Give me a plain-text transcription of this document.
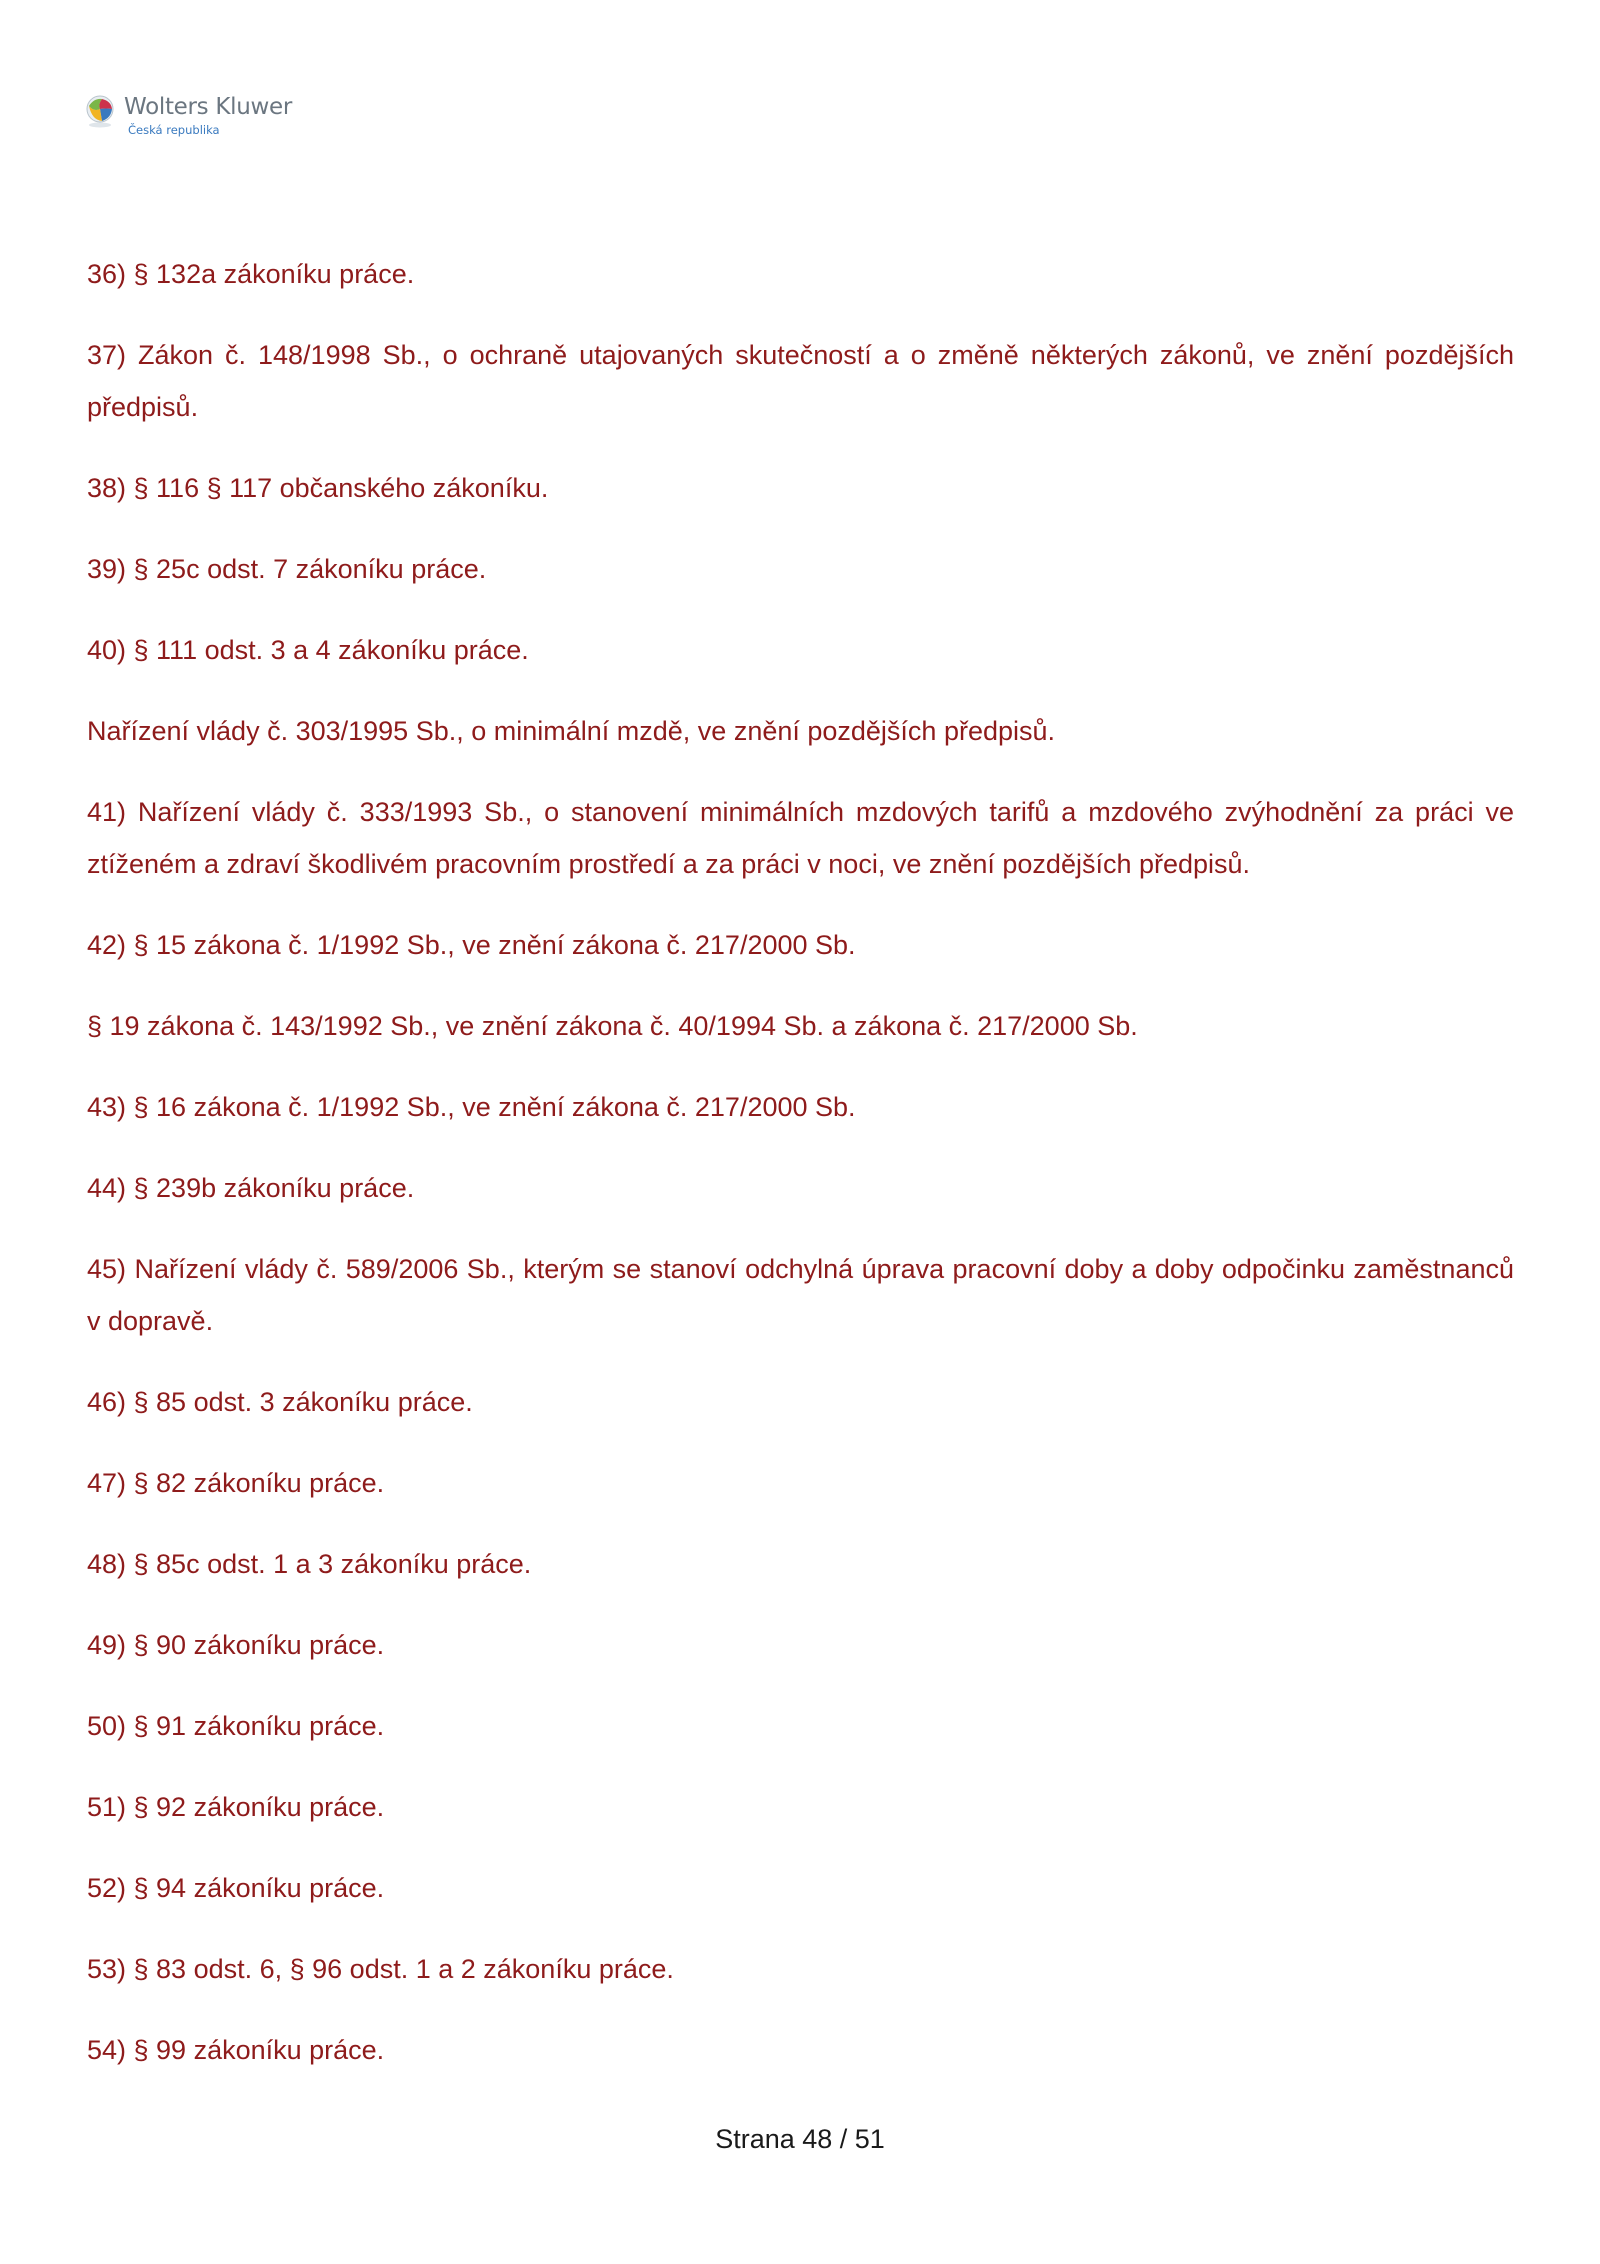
Wolters Kluwer
Česká republika

36) § 132a zákoníku práce.

37) Zákon č. 148/1998 Sb., o ochraně utajovaných skutečností a o změně některých zákonů, ve znění pozdějších předpisů.

38) § 116 § 117 občanského zákoníku.

39) § 25c odst. 7 zákoníku práce.

40) § 111 odst. 3 a 4 zákoníku práce.

Nařízení vlády č. 303/1995 Sb., o minimální mzdě, ve znění pozdějších předpisů.

41) Nařízení vlády č. 333/1993 Sb., o stanovení minimálních mzdových tarifů a mzdového zvýhodnění za práci ve ztíženém a zdraví škodlivém pracovním prostředí a za práci v noci, ve znění pozdějších předpisů.

42) § 15 zákona č. 1/1992 Sb., ve znění zákona č. 217/2000 Sb.

§ 19 zákona č. 143/1992 Sb., ve znění zákona č. 40/1994 Sb. a zákona č. 217/2000 Sb.

43) § 16 zákona č. 1/1992 Sb., ve znění zákona č. 217/2000 Sb.

44) § 239b zákoníku práce.

45) Nařízení vlády č. 589/2006 Sb., kterým se stanoví odchylná úprava pracovní doby a doby odpočinku zaměstnanců v dopravě.

46) § 85 odst. 3 zákoníku práce.

47) § 82 zákoníku práce.

48) § 85c odst. 1 a 3 zákoníku práce.

49) § 90 zákoníku práce.

50) § 91 zákoníku práce.

51) § 92 zákoníku práce.

52) § 94 zákoníku práce.

53) § 83 odst. 6, § 96 odst. 1 a 2 zákoníku práce.

54) § 99 zákoníku práce.

Strana 48 / 51
